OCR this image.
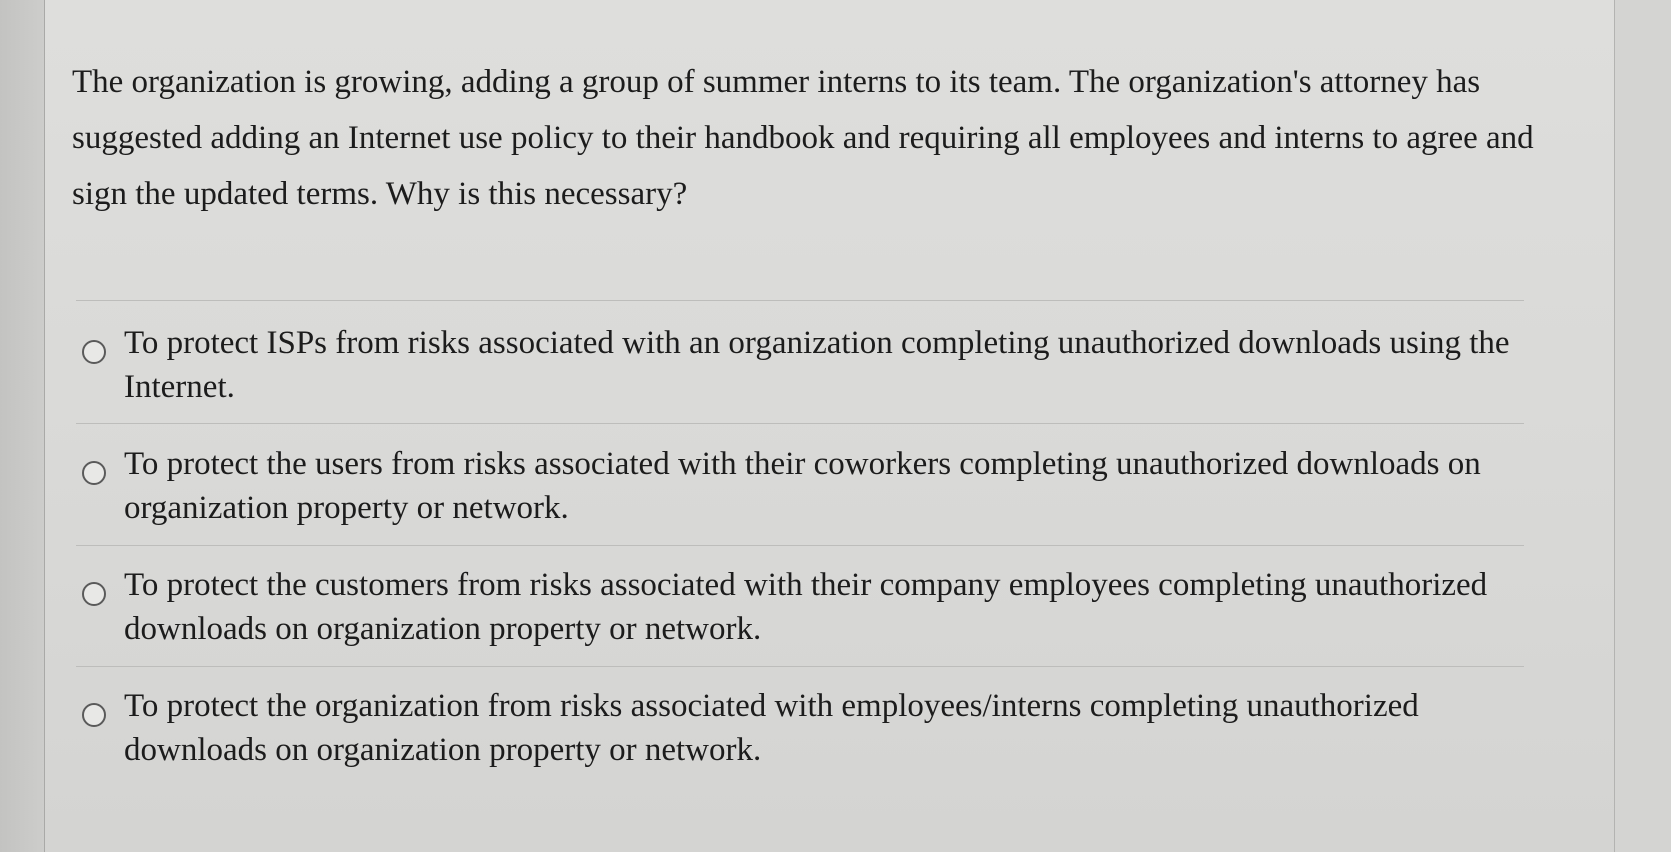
The organization is growing, adding a group of summer interns to its team. The organization's attorney has suggested adding an Internet use policy to their handbook and requiring all employees and interns to agree and sign the updated terms. Why is this necessary?

To protect ISPs from risks associated with an organization completing unauthorized downloads using the Internet.

To protect the users from risks associated with their coworkers completing unauthorized downloads on organization property or network.

To protect the customers from risks associated with their company employees completing unauthorized downloads on organization property or network.

To protect the organization from risks associated with employees/interns completing unauthorized downloads on organization property or network.
